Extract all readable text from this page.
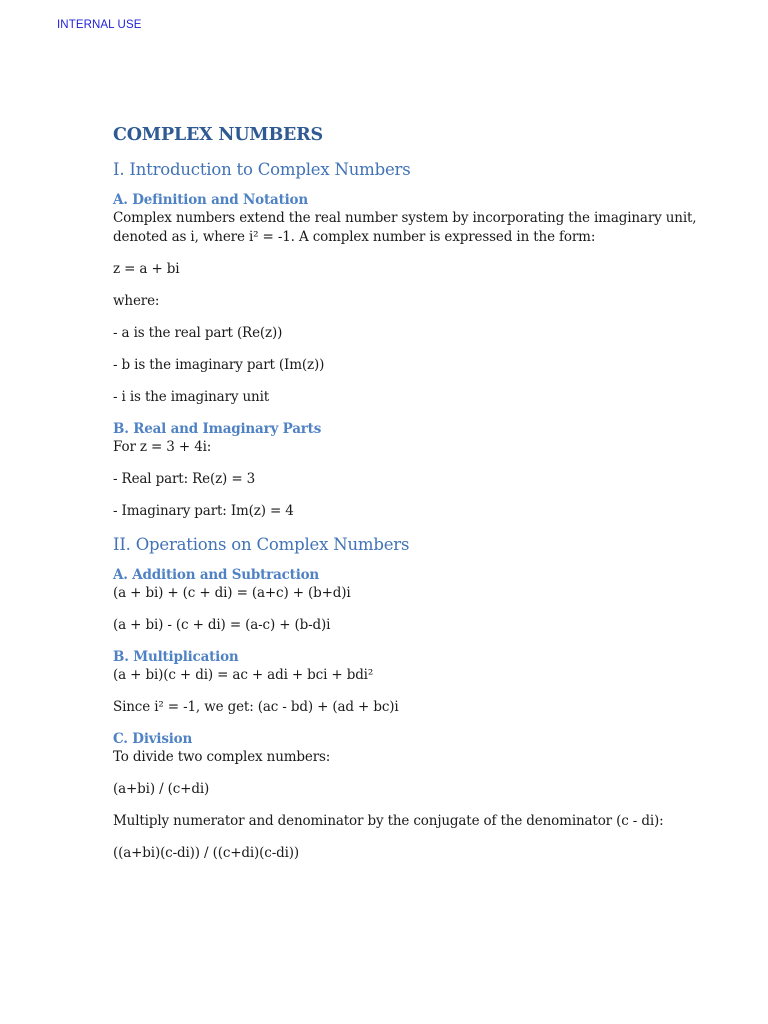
INTERNAL USE
COMPLEX NUMBERS
I. Introduction to Complex Numbers
A. Definition and Notation
Complex numbers extend the real number system by incorporating the imaginary unit, denoted as i, where i² = -1. A complex number is expressed in the form:
z = a + bi
where:
- a is the real part (Re(z))
- b is the imaginary part (Im(z))
- i is the imaginary unit
B. Real and Imaginary Parts
For z = 3 + 4i:
- Real part: Re(z) = 3
- Imaginary part: Im(z) = 4
II. Operations on Complex Numbers
A. Addition and Subtraction
(a + bi) + (c + di) = (a+c) + (b+d)i
(a + bi) - (c + di) = (a-c) + (b-d)i
B. Multiplication
(a + bi)(c + di) = ac + adi + bci + bdi²
Since i² = -1, we get: (ac - bd) + (ad + bc)i
C. Division
To divide two complex numbers:
(a+bi) / (c+di)
Multiply numerator and denominator by the conjugate of the denominator (c - di):
((a+bi)(c-di)) / ((c+di)(c-di))
